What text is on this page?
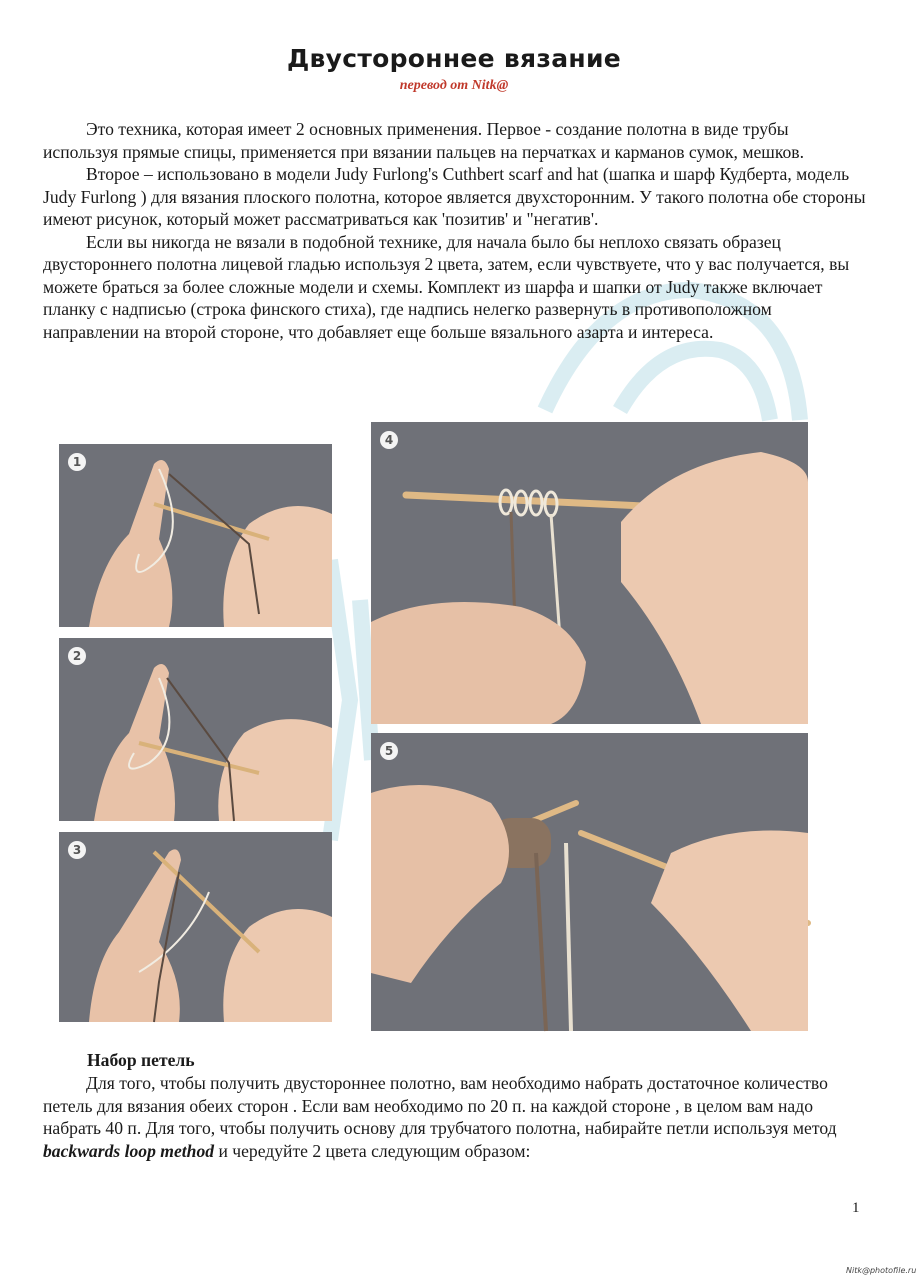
Двустороннее вязание
перевод от Nitk@

Это техника, которая имеет 2 основных применения. Первое - создание полотна в виде трубы используя прямые спицы, применяется при вязании пальцев на перчатках и карманов сумок, мешков.

Второе – использовано в модели Judy Furlong's Cuthbert scarf and hat (шапка и шарф Кудберта, модель Judy Furlong ) для вязания плоского полотна, которое является двухсторонним. У такого полотна обе стороны имеют рисунок, который может рассматриваться как 'позитив' и "негатив'.

Если вы никогда не вязали в подобной технике, для начала было бы неплохо связать образец двустороннего полотна лицевой гладью используя 2 цвета, затем, если чувствуете, что у вас получается, вы можете браться за более сложные модели и схемы. Комплект из шарфа и шапки от Judy также включает планку с надписью (строка финского стиха), где надпись нелегко развернуть в противоположном направлении на второй стороне, что добавляет еще больше вязального азарта и интереса.

1
2
3
4
5
Набор петель

Для того, чтобы получить двустороннее полотно, вам необходимо набрать достаточное количество петель для вязания обеих сторон . Если вам необходимо по 20 п. на каждой стороне , в целом вам надо набрать 40 п. Для того, чтобы получить основу для трубчатого полотна, набирайте петли используя метод backwards loop method и чередуйте 2 цвета следующим образом:

1
Nitk@photofile.ru
